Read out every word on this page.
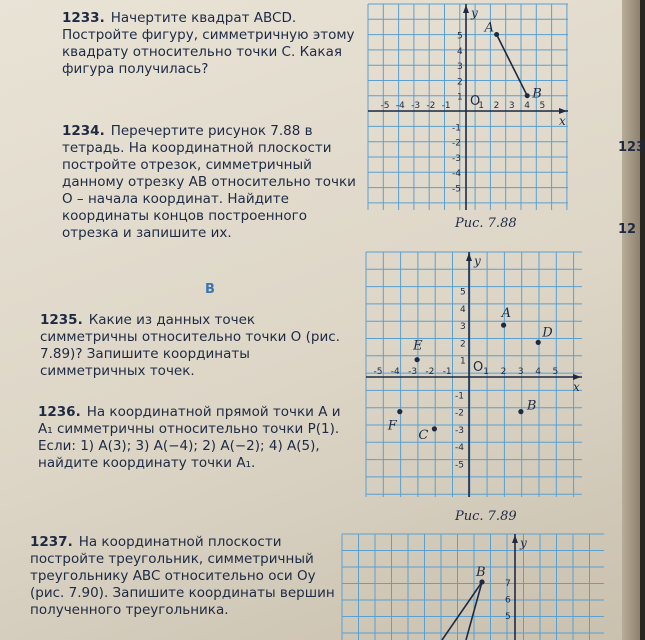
1233. Начертите квадрат ABCD. Постройте фигуру, симметричную этому квадрату относительно точки C. Какая фигура получилась?
1234. Перечертите рисунок 7.88 в тетрадь. На координатной плоскости постройте отрезок, симметричный данному отрезку AB относительно точки O – начала координат. Найдите координаты концов построенного отрезка и запишите их.
B
1235. Какие из данных точек симметричны относительно точки O (рис. 7.89)? Запишите координаты симметричных точек.
1236. На координатной прямой точки A и A₁ симметричны относительно точки P(1). Если: 1) A(3); 3) A(−4); 2) A(−2); 4) A(5), найдите координату точки A₁.
1237. На координатной плоскости постройте треугольник, симметричный треугольнику ABC относительно оси Oy (рис. 7.90). Запишите координаты вершин полученного треугольника.
x
y
-5 -4 -3 -2 -1	1 2 3 4 5
5
4
3
2
1
-1
-2
-3
-4
-5
O
A
B
Рис. 7.88
x
y
-5 -4 -3 -2 -1	1 2 3 4 5
5
4
3
2
1
-1
-2
-3
-4
-5
O
A
D
E
B
F
C
Рис. 7.89
y
7
6
5
B
123
12
